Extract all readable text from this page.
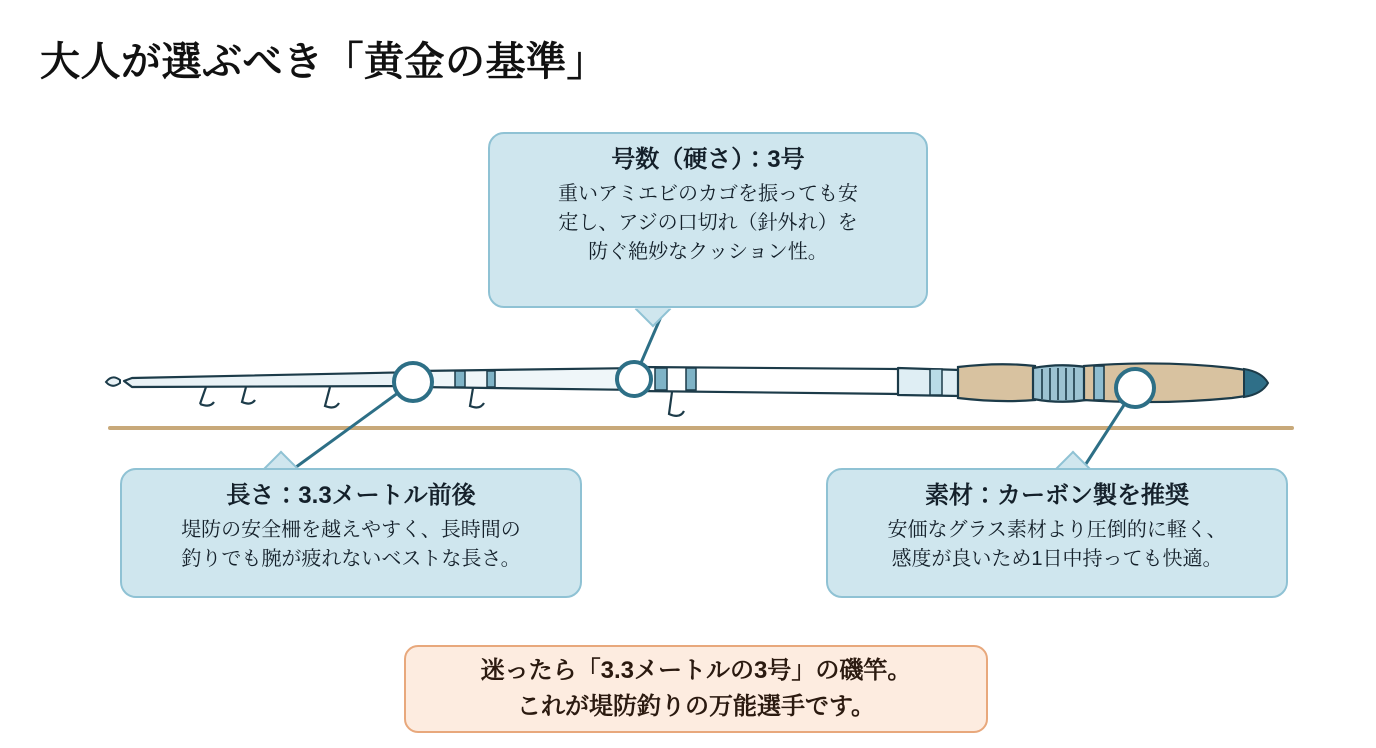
大人が選ぶべき「黄金の基準」
号数（硬さ）：3号
重いアミエビのカゴを振っても安
定し、アジの口切れ（針外れ）を
防ぐ絶妙なクッション性。
長さ：3.3メートル前後
堤防の安全柵を越えやすく、長時間の
釣りでも腕が疲れないベストな長さ。
素材：カーボン製を推奨
安価なグラス素材より圧倒的に軽く、
感度が良いため1日中持っても快適。
迷ったら「3.3メートルの3号」の磯竿。
これが堤防釣りの万能選手です。
